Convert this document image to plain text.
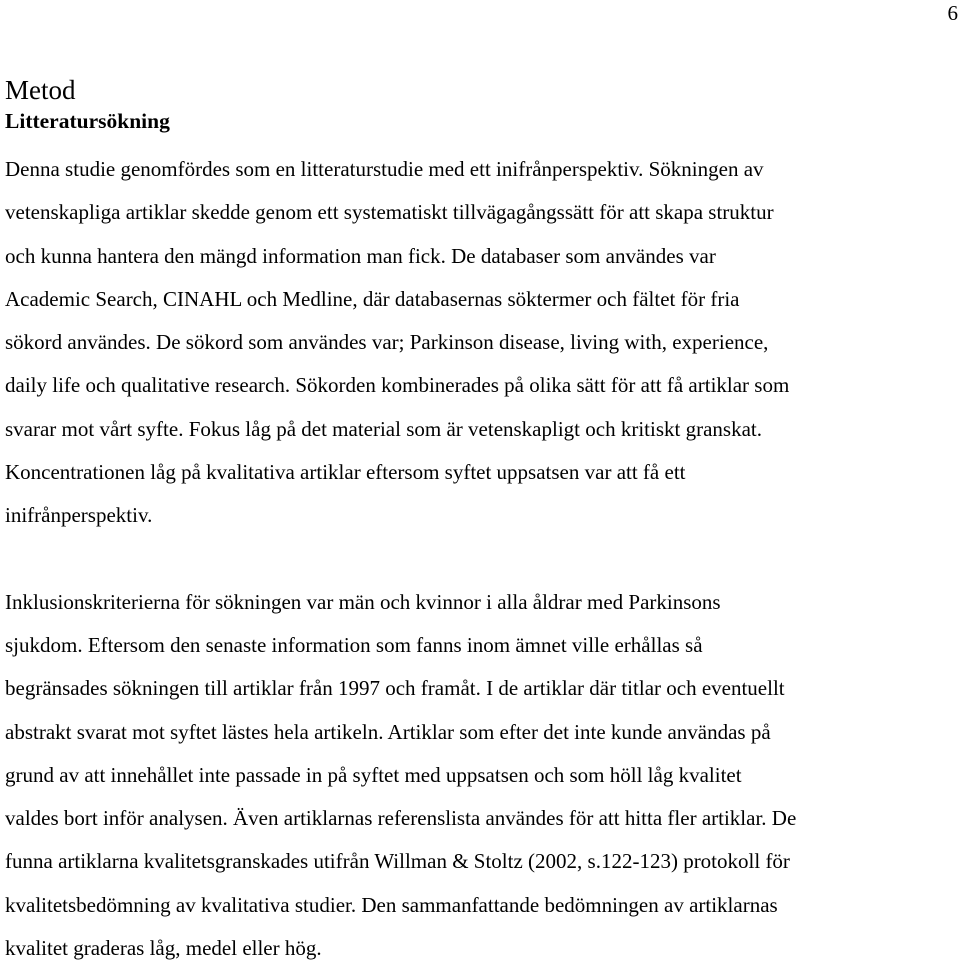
6
Metod
Litteratursökning
Denna studie genomfördes som en litteraturstudie med ett inifrånperspektiv. Sökningen av
vetenskapliga artiklar skedde genom ett systematiskt tillvägagångssätt för att skapa struktur
och kunna hantera den mängd information man fick. De databaser som användes var
Academic Search, CINAHL och Medline, där databasernas söktermer och fältet för fria
sökord användes. De sökord som användes var; Parkinson disease, living with, experience,
daily life och qualitative research. Sökorden kombinerades på olika sätt för att få artiklar som
svarar mot vårt syfte. Fokus låg på det material som är vetenskapligt och kritiskt granskat.
Koncentrationen låg på kvalitativa artiklar eftersom syftet uppsatsen var att få ett
inifrånperspektiv.
Inklusionskriterierna för sökningen var män och kvinnor i alla åldrar med Parkinsons
sjukdom. Eftersom den senaste information som fanns inom ämnet ville erhållas så
begränsades sökningen till artiklar från 1997 och framåt. I de artiklar där titlar och eventuellt
abstrakt svarat mot syftet lästes hela artikeln. Artiklar som efter det inte kunde användas på
grund av att innehållet inte passade in på syftet med uppsatsen och som höll låg kvalitet
valdes bort inför analysen. Även artiklarnas referenslista användes för att hitta fler artiklar. De
funna artiklarna kvalitetsgranskades utifrån Willman & Stoltz (2002, s.122-123) protokoll för
kvalitetsbedömning av kvalitativa studier. Den sammanfattande bedömningen av artiklarnas
kvalitet graderas låg, medel eller hög.
